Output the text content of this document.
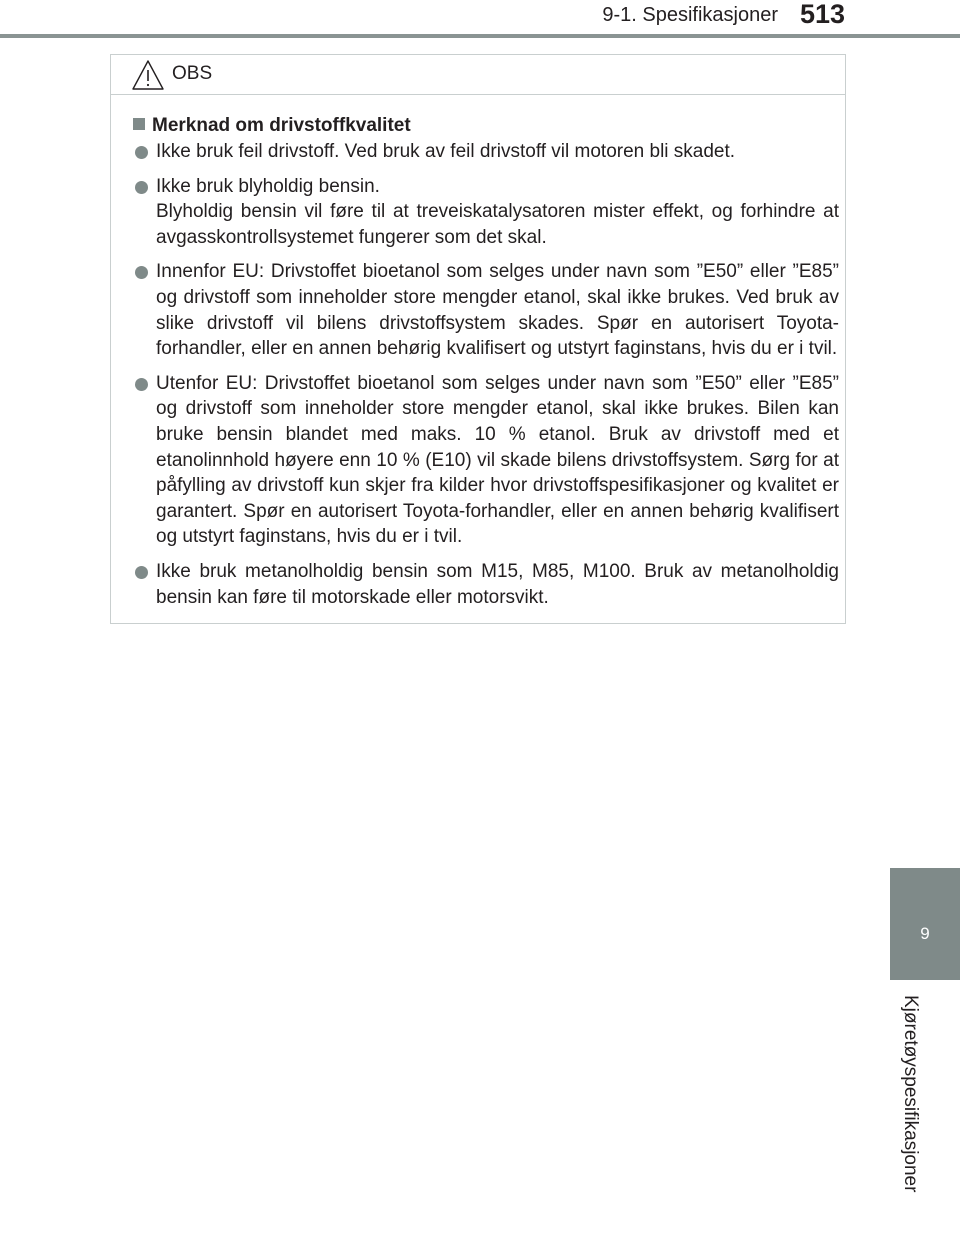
9-1. Spesifikasjoner 513
9
Kjøretøyspesifikasjoner
OBS
Merknad om drivstoffkvalitet

Ikke bruk feil drivstoff. Ved bruk av feil drivstoff vil motoren bli skadet.

Ikke bruk blyholdig bensin.

Blyholdig bensin vil føre til at treveiskatalysatoren mister effekt, og forhindre at avgasskontrollsystemet fungerer som det skal.

Innenfor EU: Drivstoffet bioetanol som selges under navn som ”E50” eller ”E85” og drivstoff som inneholder store mengder etanol, skal ikke brukes. Ved bruk av slike drivstoff vil bilens drivstoffsystem skades. Spør en autorisert Toyota-forhandler, eller en annen behørig kvalifisert og utstyrt faginstans, hvis du er i tvil.

Utenfor EU: Drivstoffet bioetanol som selges under navn som ”E50” eller ”E85” og drivstoff som inneholder store mengder etanol, skal ikke brukes. Bilen kan bruke bensin blandet med maks. 10 % etanol. Bruk av drivstoff med et etanolinnhold høyere enn 10 % (E10) vil skade bilens drivstoffsystem. Sørg for at påfylling av drivstoff kun skjer fra kilder hvor drivstoffspesifikasjoner og kvalitet er garantert. Spør en autorisert Toyota-forhandler, eller en annen behørig kvalifisert og utstyrt faginstans, hvis du er i tvil.

Ikke bruk metanolholdig bensin som M15, M85, M100. Bruk av metanolholdig bensin kan føre til motorskade eller motorsvikt.
